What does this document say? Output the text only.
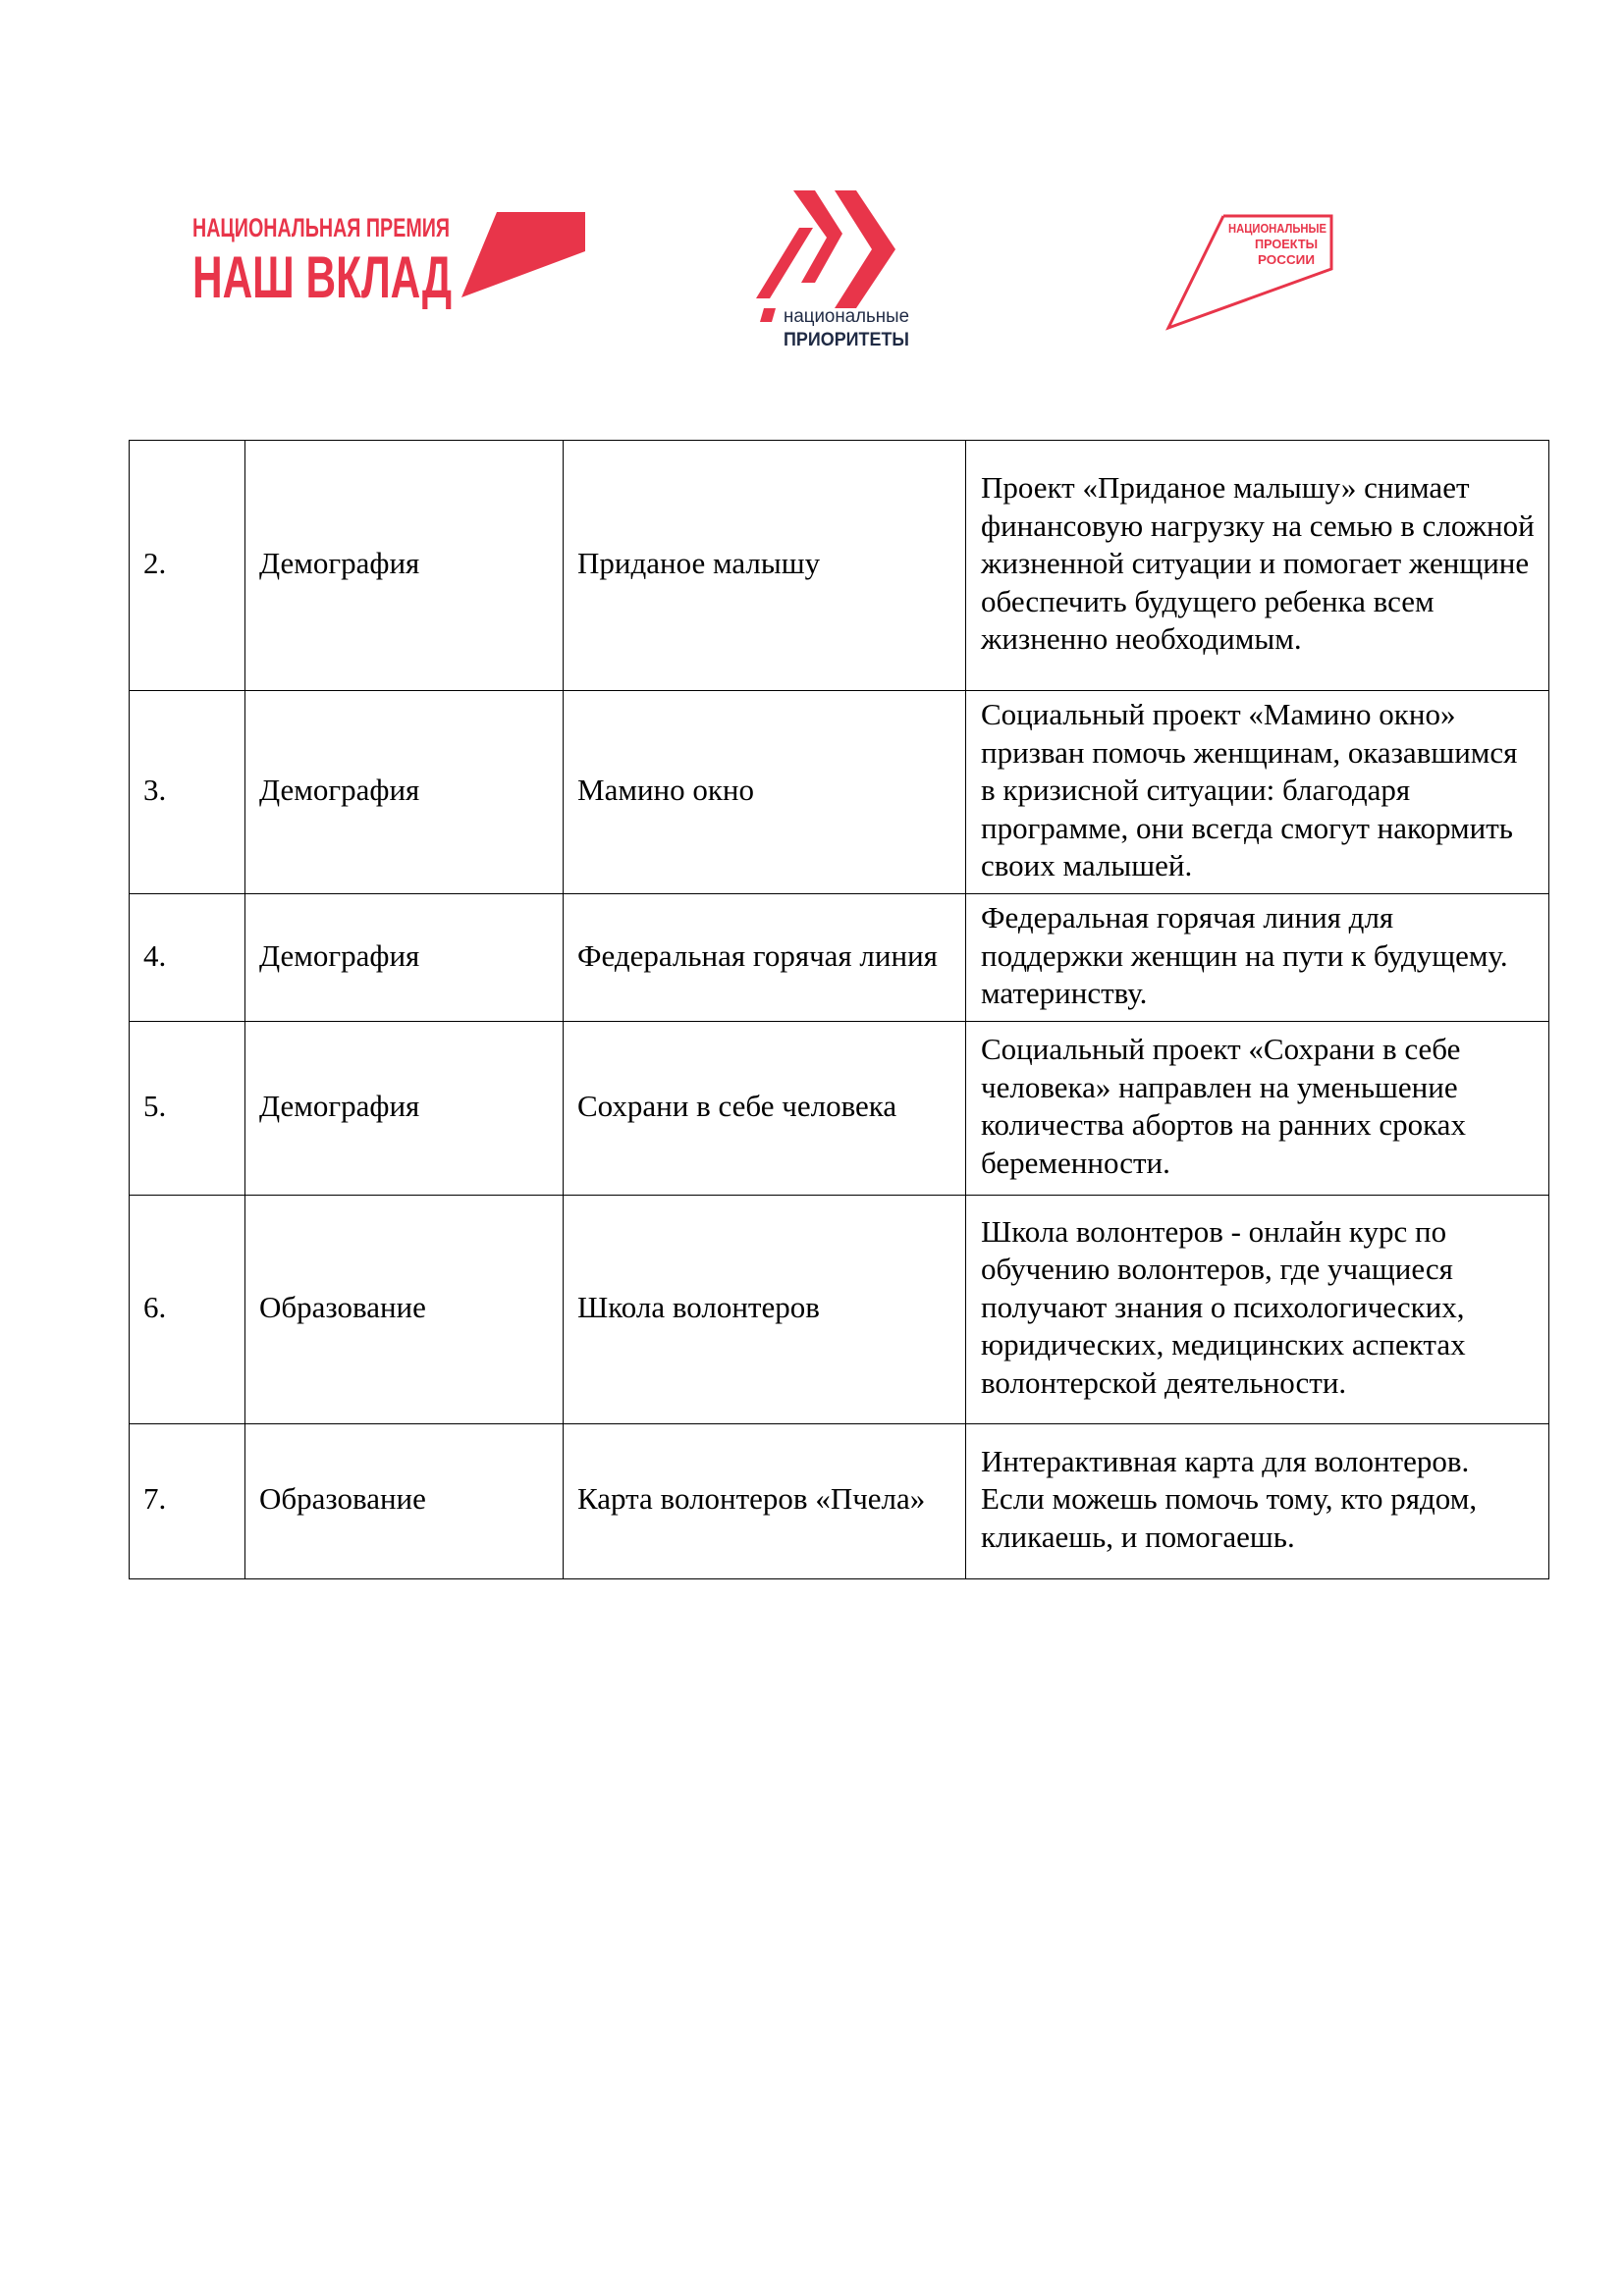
НАЦИОНАЛЬНАЯ ПРЕМИЯ
НАШ ВКЛАД
национальные
ПРИОРИТЕТЫ
НАЦИОНАЛЬНЫЕ
ПРОЕКТЫ
РОССИИ
2.	Демография	Приданое малышу	Проект «Приданое малышу» снимает финансовую нагрузку на семью в сложной жизненной ситуации и помогает женщине обеспечить будущего ребенка всем жизненно необходимым.
3.	Демография	Мамино окно	Социальный проект «Мамино окно» призван помочь женщинам, оказавшимся в кризисной ситуации: благодаря программе, они всегда смогут накормить своих малышей.
4.	Демография	Федеральная горячая линия	Федеральная горячая линия для поддержки женщин на пути к будущему. материнству.
5.	Демография	Сохрани в себе человека	Социальный проект «Сохрани в себе человека» направлен на уменьшение количества абортов на ранних сроках беременности.
6.	Образование	Школа волонтеров	Школа волонтеров - онлайн курс по обучению волонтеров, где учащиеся получают знания о психологических, юридических, медицинских аспектах волонтерской деятельности.
7.	Образование	Карта волонтеров «Пчела»	Интерактивная карта для волонтеров. Если можешь помочь тому, кто рядом, кликаешь, и помогаешь.
